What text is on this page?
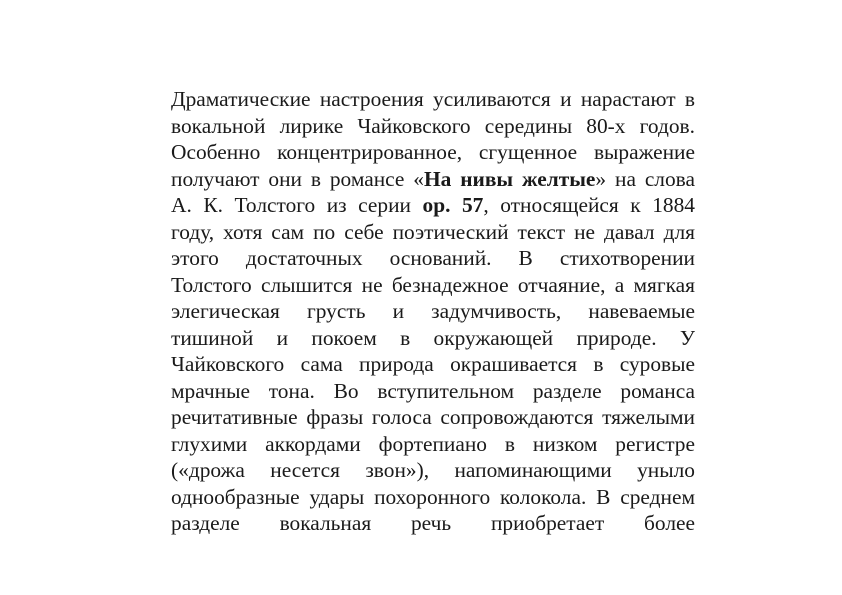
Драматические настроения усиливаются и нарастают в
вокальной лирике Чайковского середины 80-х годов.
Особенно концентрированное, сгущенное выражение
получают они в романсе «На нивы желтые» на слова
А. К. Толстого из серии op. 57, относящейся к 1884
году, хотя сам по себе поэтический текст не давал для
этого достаточных оснований. В стихотворении
Толстого слышится не безнадежное отчаяние, а мягкая
элегическая грусть и задумчивость, навеваемые
тишиной и покоем в окружающей природе. У
Чайковского сама природа окрашивается в суровые
мрачные тона. Во вступительном разделе романса
речитативные фразы голоса сопровождаются тяжелыми
глухими аккордами фортепиано в низком регистре
(«дрожа несется звон»), напоминающими уныло
однообразные удары похоронного колокола. В среднем
разделе вокальная речь приобретает более
